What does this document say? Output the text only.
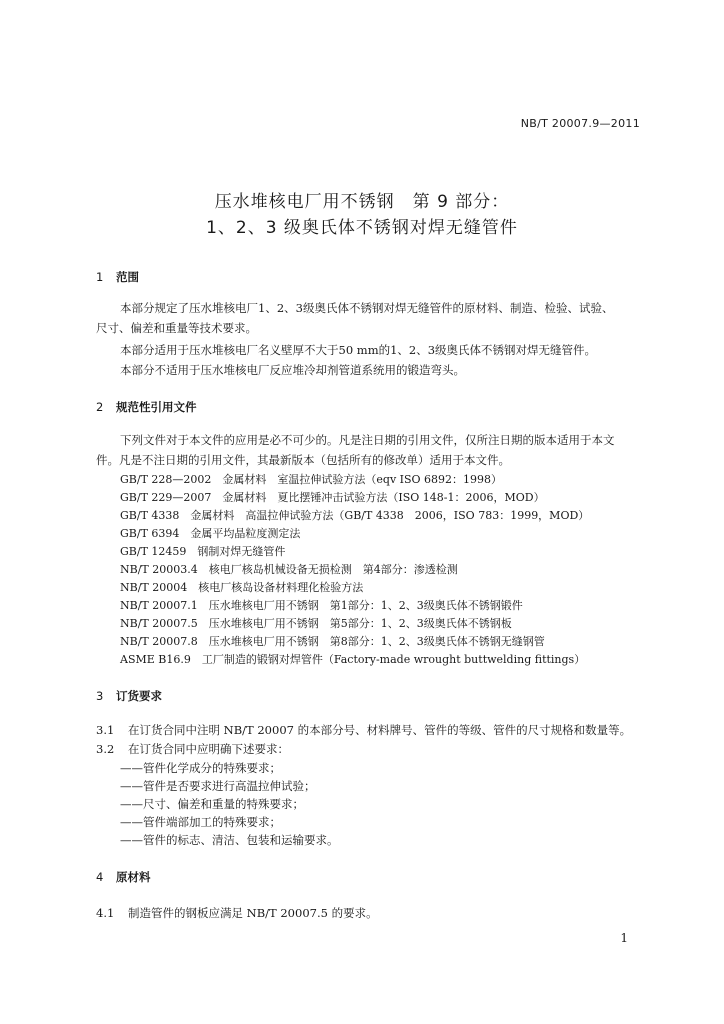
NB/T 20007.9—2011
压水堆核电厂用不锈钢　第 9 部分：
1、2、3 级奥氏体不锈钢对焊无缝管件
1 范围
本部分规定了压水堆核电厂1、2、3级奥氏体不锈钢对焊无缝管件的原材料、制造、检验、试验、
尺寸、偏差和重量等技术要求。
本部分适用于压水堆核电厂名义壁厚不大于50 mm的1、2、3级奥氏体不锈钢对焊无缝管件。
本部分不适用于压水堆核电厂反应堆冷却剂管道系统用的锻造弯头。
2 规范性引用文件
下列文件对于本文件的应用是必不可少的。凡是注日期的引用文件，仅所注日期的版本适用于本文
件。凡是不注日期的引用文件，其最新版本（包括所有的修改单）适用于本文件。
GB/T 228—2002　金属材料　室温拉伸试验方法（eqv ISO 6892：1998）
GB/T 229—2007　金属材料　夏比摆锤冲击试验方法（ISO 148-1：2006，MOD）
GB/T 4338　金属材料　高温拉伸试验方法（GB/T 4338　2006，ISO 783：1999，MOD）
GB/T 6394　金属平均晶粒度测定法
GB/T 12459　钢制对焊无缝管件
NB/T 20003.4　核电厂核岛机械设备无损检测　第4部分：渗透检测
NB/T 20004　核电厂核岛设备材料理化检验方法
NB/T 20007.1　压水堆核电厂用不锈钢　第1部分：1、2、3级奥氏体不锈钢锻件
NB/T 20007.5　压水堆核电厂用不锈钢　第5部分：1、2、3级奥氏体不锈钢板
NB/T 20007.8　压水堆核电厂用不锈钢　第8部分：1、2、3级奥氏体不锈钢无缝钢管
ASME B16.9　工厂制造的锻钢对焊管件（Factory-made wrought buttwelding fittings）
3 订货要求
3.1 在订货合同中注明 NB/T 20007 的本部分号、材料牌号、管件的等级、管件的尺寸规格和数量等。
3.2 在订货合同中应明确下述要求：
——管件化学成分的特殊要求；
——管件是否要求进行高温拉伸试验；
——尺寸、偏差和重量的特殊要求；
——管件端部加工的特殊要求；
——管件的标志、清洁、包装和运输要求。
4 原材料
4.1 制造管件的钢板应满足 NB/T 20007.5 的要求。
1
